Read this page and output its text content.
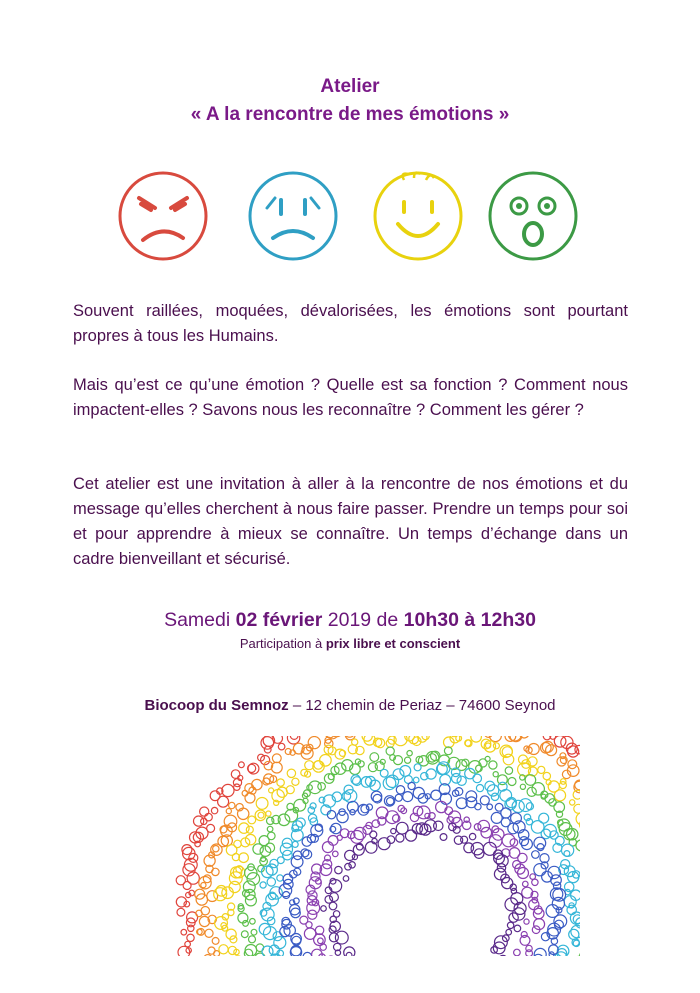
Atelier
« A la rencontre de mes émotions »
Souvent raillées, moquées, dévalorisées, les émotions sont pourtant propres à tous les Humains.
Mais qu’est ce qu’une émotion ? Quelle est sa fonction ? Comment nous impactent-elles ? Savons nous les reconnaître ? Comment les gérer ?
Cet atelier est une invitation à aller à la rencontre de nos émotions et du message qu’elles cherchent à nous faire passer. Prendre un temps pour soi et pour apprendre à mieux se connaître. Un temps d’échange dans un cadre bienveillant et sécurisé.
Samedi 02 février 2019 de 10h30 à 12h30
Participation à prix libre et conscient
Biocoop du Semnoz – 12 chemin de Periaz – 74600 Seynod
